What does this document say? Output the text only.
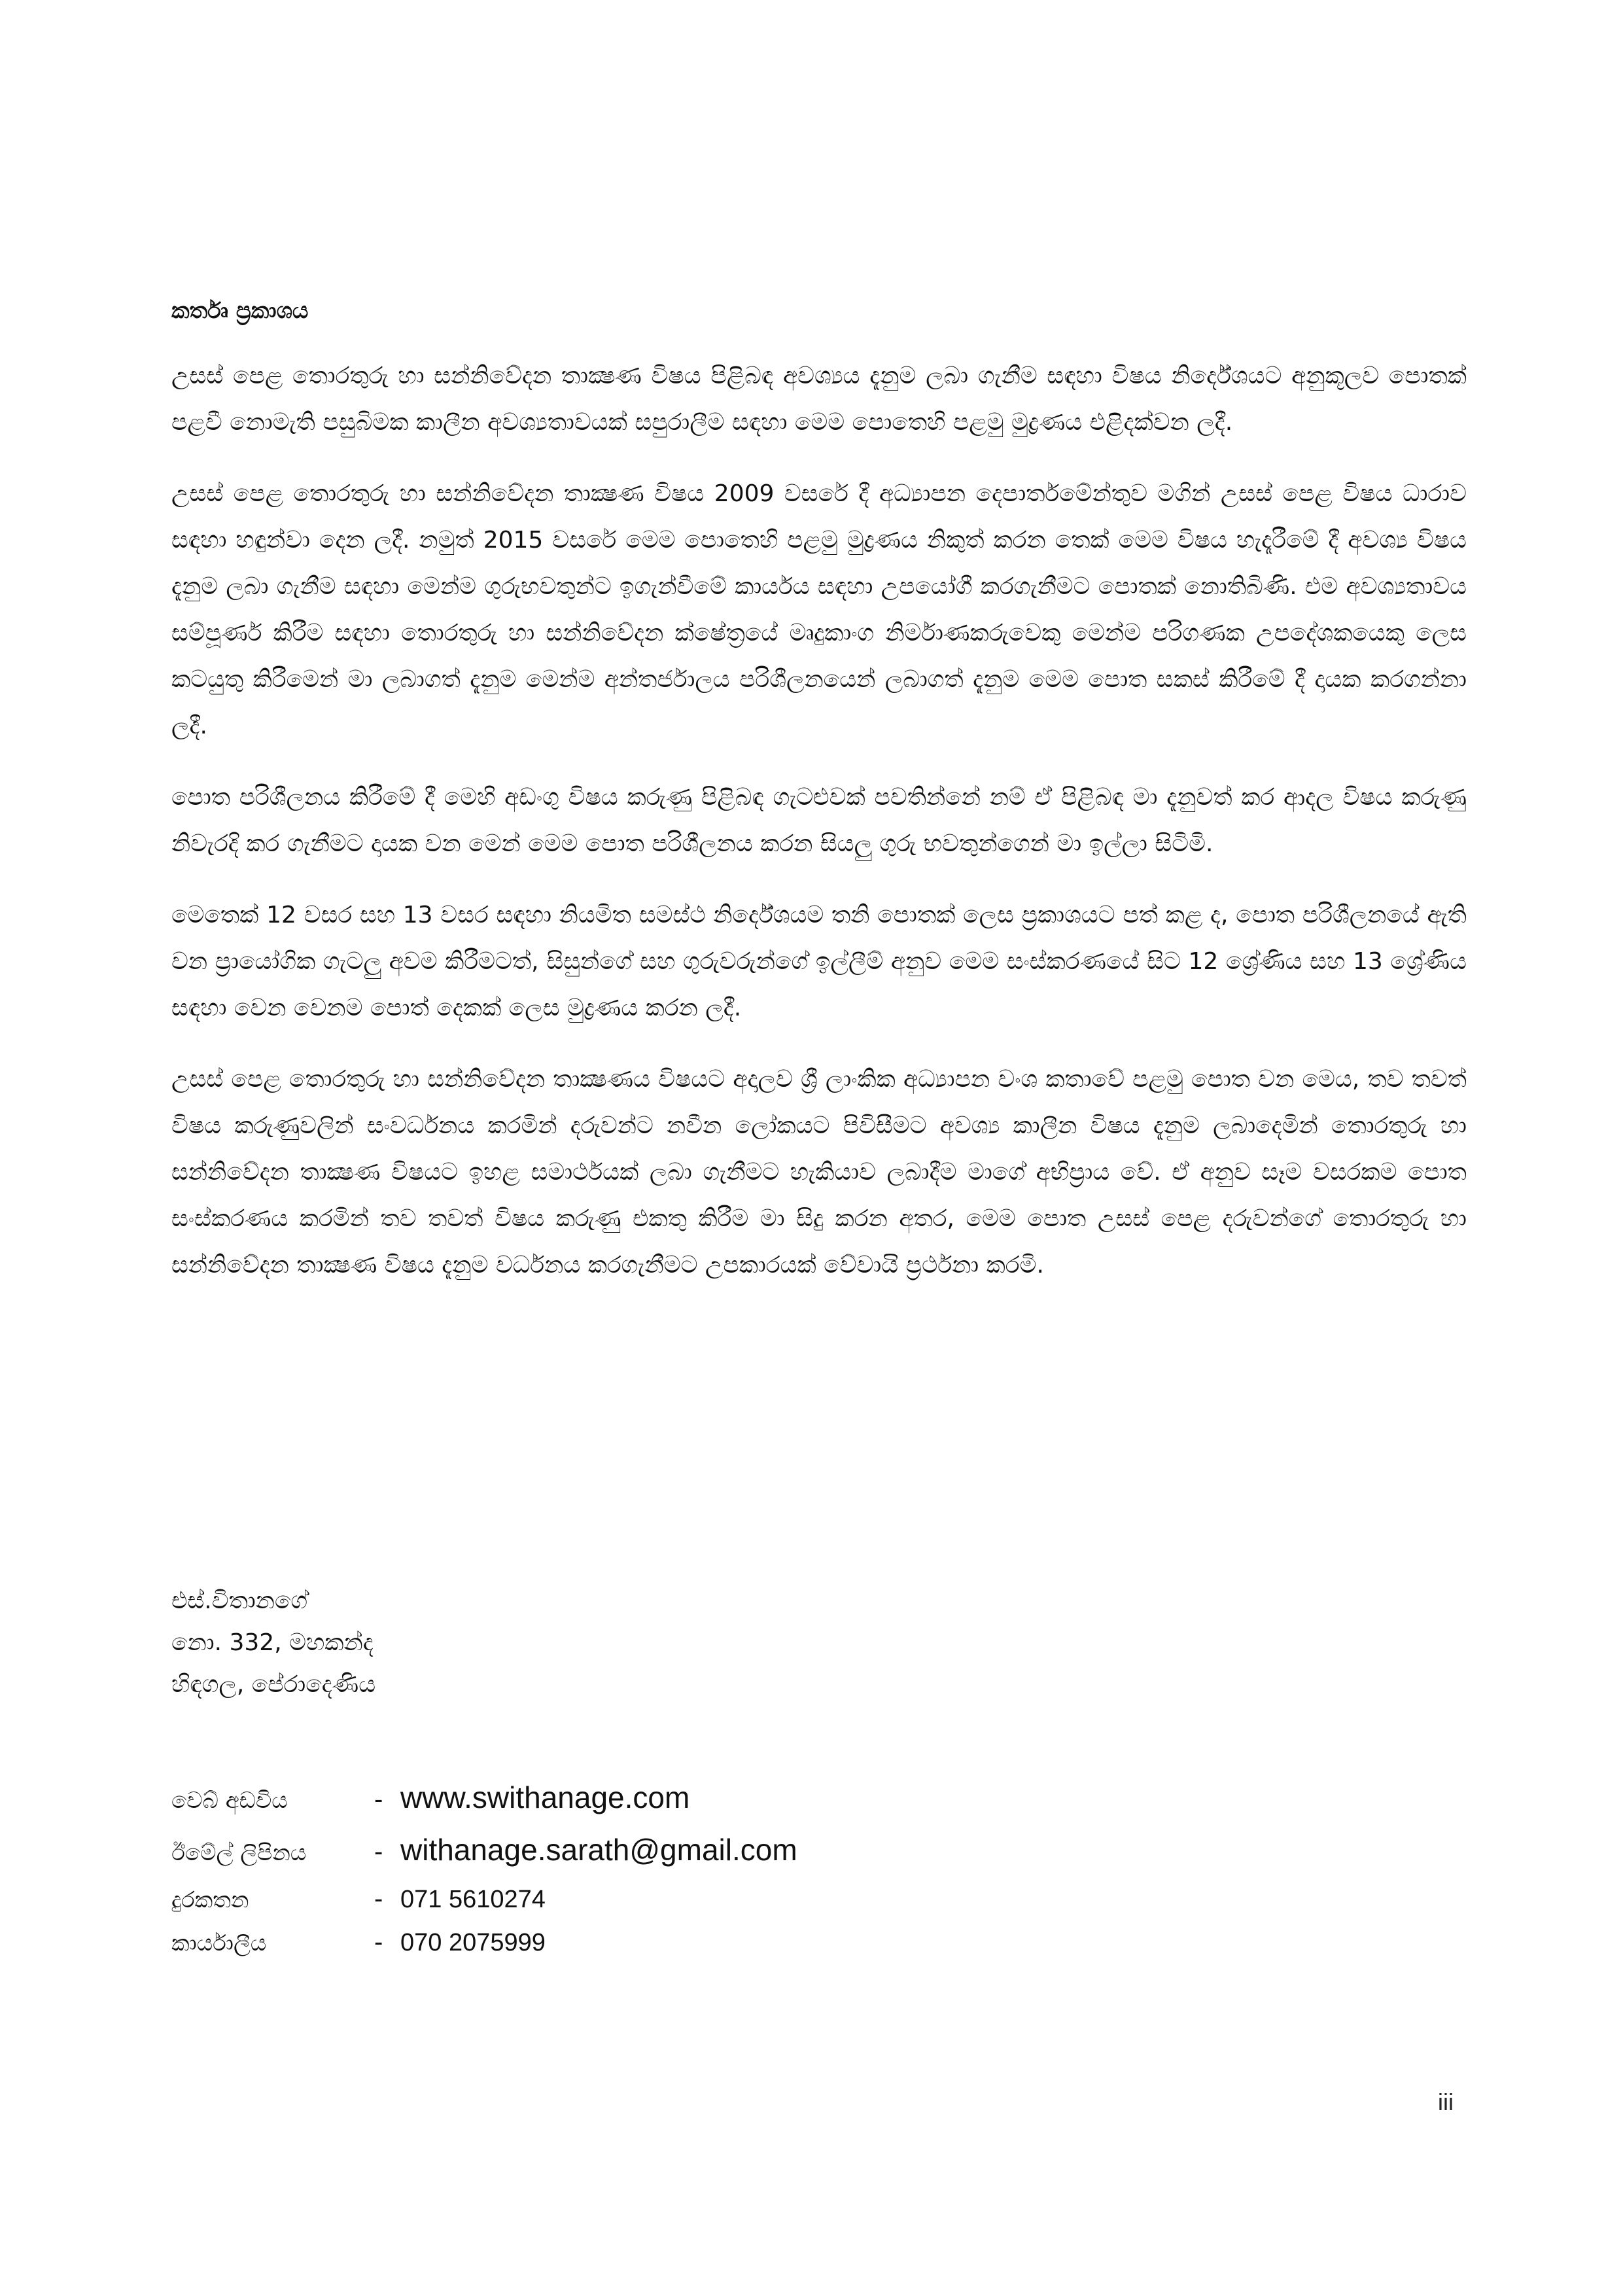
කර්තෘ ප්‍රකාශය

උසස් පෙළ තොරතුරු හා සන්නිවේදන තාක්‍ෂණ විෂය පිළිබඳ අවශ්‍යය දැනුම ලබා ගැනීම සඳහා විෂය නිර්දේශයට අනුකූලව පොතක් පළවී නොමැති පසුබිමක කාලීන අවශ්‍යතාවයක් සපුරාලීම සඳහා මෙම පොතෙහි පළමු මුද්‍රණය එළිදක්වන ලදී.

උසස් පෙළ තොරතුරු හා සන්නිවේදන තාක්‍ෂණ විෂය 2009 වසරේ දී අධ්‍යාපන දෙපාර්තමේන්තුව මගින් උසස් පෙළ විෂය ධාරාව සඳහා හඳුන්වා දෙන ලදී. නමුත් 2015 වසරේ මෙම පොතෙහි පළමු මුද්‍රණය නිකුත් කරන තෙක් මෙම විෂය හැදෑරීමේ දී අවශ්‍ය විෂය දැනුම ලබා ගැනීම සඳහා මෙන්ම ගුරුභවතුන්ට ඉගැන්වීමේ කාර්යය සඳහා උපයෝගී කරගැනීමට පොතක් නොතිබිණි. එම අවශ්‍යතාවය සම්පූර්ණ කිරීම සඳහා තොරතුරු හා සන්නිවේදන ක්ෂේත්‍රයේ මෘදුකාංග නිර්මාණකරුවෙකු මෙන්ම පරිගණක උපදේශකයෙකු ලෙස කටයුතු කිරීමෙන් මා ලබාගත් දැනුම මෙන්ම අන්තර්ජාලය පරිශීලනයෙන් ලබාගත් දැනුම මෙම පොත සකස් කිරීමේ දී දායක කරගන්නා ලදී.

පොත පරිශීලනය කිරීමේ දී මෙහි අඩංගු විෂය කරුණු පිළිබඳ ගැටළුවක් පවතින්නේ නම් ඒ පිළිබඳ මා දැනුවත් කර ආදල විෂය කරුණු නිවැරදි කර ගැනීමට දායක වන මෙන් මෙම පොත පරිශීලනය කරන සියලු ගුරු භවතුන්ගෙන් මා ඉල්ලා සිටිමි.

මෙතෙක් 12 වසර සහ 13 වසර සඳහා නියමිත සමස්ථ නිර්දේශයම තනි පොතක් ලෙස ප්‍රකාශයට පත් කළ ද, පොත පරිශීලනයේ ඇති වන ප්‍රායෝගික ගැටලු අවම කිරීමටත්, සිසුන්ගේ සහ ගුරුවරුන්ගේ ඉල්ලීම් අනුව මෙම සංස්කරණයේ සිට 12 ශ්‍රේණිය සහ 13 ශ්‍රේණිය සඳහා වෙන වෙනම පොත් දෙකක් ලෙස මුද්‍රණය කරන ලදී.

උසස් පෙළ තොරතුරු හා සන්නිවේදන තාක්‍ෂණය විෂයට අදාලව ශ්‍රී ලාංකික අධ්‍යාපන වංශ කතාවේ පළමු පොත වන මෙය, තව තවත් විෂය කරුණුවලින් සංවර්ධනය කරමින් දරුවන්ට නවීන ලෝකයට පිවිසීමට අවශ්‍ය කාලීන විෂය දැනුම ලබාදෙමින් තොරතුරු හා සන්නිවේදන තාක්‍ෂණ විෂයට ඉහළ සමාර්ථයක් ලබා ගැනීමට හැකියාව ලබාදීම මාගේ අභිප්‍රාය වේ. ඒ අනුව සෑම වසරකම පොත සංස්කරණය කරමින් තව තවත් විෂය කරුණු එකතු කිරීම මා සිදු කරන අතර, මෙම පොත උසස් පෙළ දරුවන්ගේ තොරතුරු හා සන්නිවේදන තාක්‍ෂණ විෂය දැනුම වර්ධනය කරගැනීමට උපකාරයක් වේවායි ප්‍රර්ථනා කරමි.

එස්.විතානගේ
නො. 332, මහකන්ද
හිඳගල, පේරාදෙණිය
වෙබ් අඩවිය	- www.swithanage.com
ඊමේල් ලිපිනය	- withanage.sarath@gmail.com
දුරකතන	- 071 5610274
කාර්යාලීය	- 070 2075999
iii
